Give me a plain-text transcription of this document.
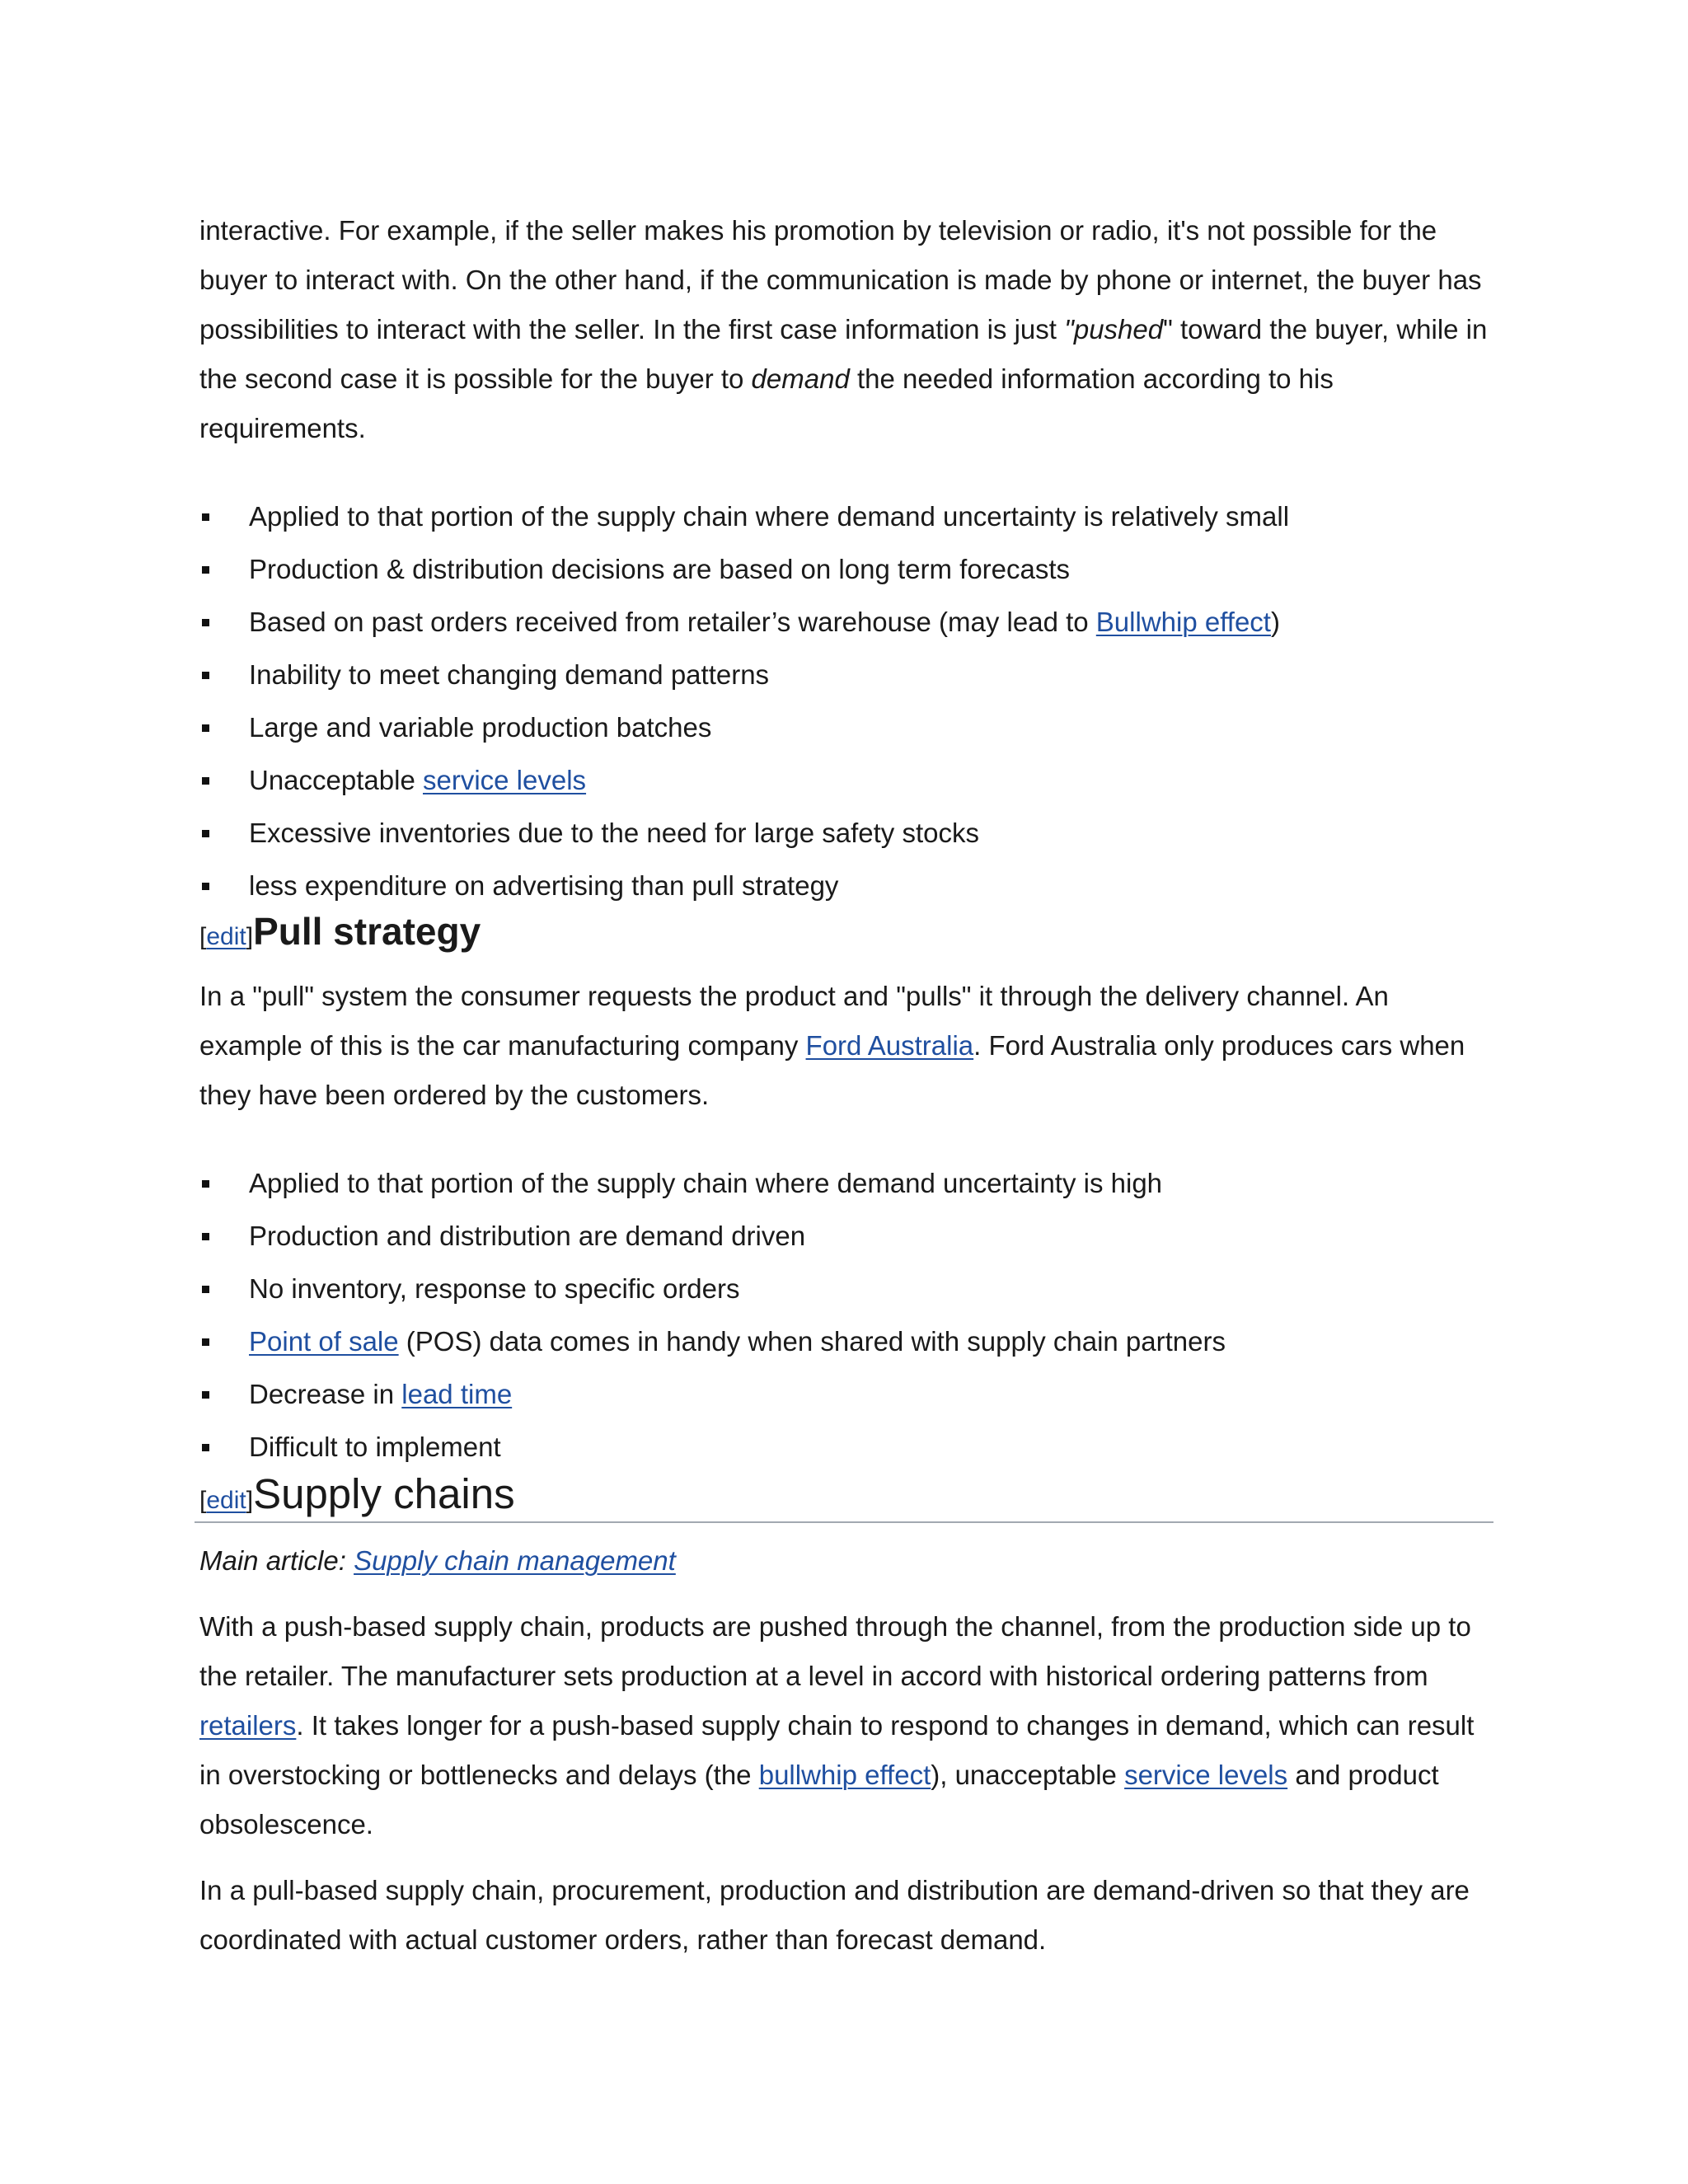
interactive. For example, if the seller makes his promotion by television or radio, it's not possible for the buyer to interact with. On the other hand, if the communication is made by phone or internet, the buyer has possibilities to interact with the seller. In the first case information is just "pushed" toward the buyer, while in the second case it is possible for the buyer to demand the needed information according to his requirements.

Applied to that portion of the supply chain where demand uncertainty is relatively small
Production & distribution decisions are based on long term forecasts
Based on past orders received from retailer’s warehouse (may lead to Bullwhip effect)
Inability to meet changing demand patterns
Large and variable production batches
Unacceptable service levels
Excessive inventories due to the need for large safety stocks
less expenditure on advertising than pull strategy
[edit] Pull strategy

In a "pull" system the consumer requests the product and "pulls" it through the delivery channel. An example of this is the car manufacturing company Ford Australia. Ford Australia only produces cars when they have been ordered by the customers.

Applied to that portion of the supply chain where demand uncertainty is high
Production and distribution are demand driven
No inventory, response to specific orders
Point of sale (POS) data comes in handy when shared with supply chain partners
Decrease in lead time
Difficult to implement
[edit] Supply chains

Main article: Supply chain management

With a push-based supply chain, products are pushed through the channel, from the production side up to the retailer. The manufacturer sets production at a level in accord with historical ordering patterns from retailers. It takes longer for a push-based supply chain to respond to changes in demand, which can result in overstocking or bottlenecks and delays (the bullwhip effect), unacceptable service levels and product obsolescence.

In a pull-based supply chain, procurement, production and distribution are demand-driven so that they are coordinated with actual customer orders, rather than forecast demand.
